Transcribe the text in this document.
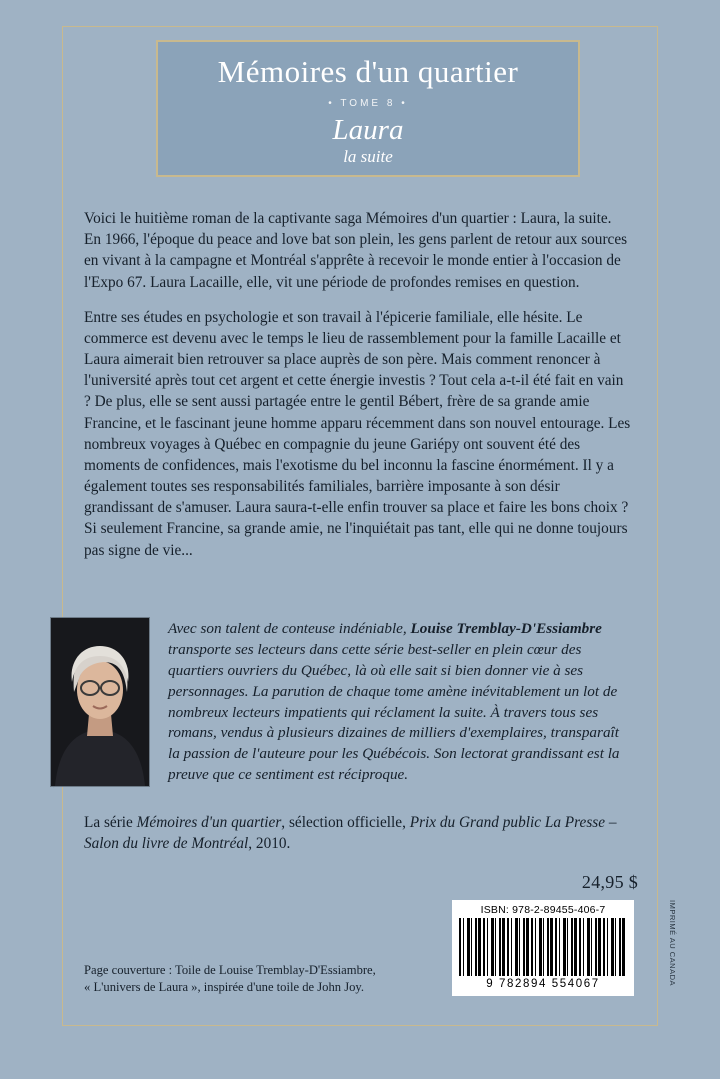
Mémoires d'un quartier
• TOME 8 •
Laura
la suite

Voici le huitième roman de la captivante saga Mémoires d'un quartier : Laura, la suite. En 1966, l'époque du peace and love bat son plein, les gens parlent de retour aux sources en vivant à la campagne et Montréal s'apprête à recevoir le monde entier à l'occasion de l'Expo 67. Laura Lacaille, elle, vit une période de profondes remises en question.

Entre ses études en psychologie et son travail à l'épicerie familiale, elle hésite. Le commerce est devenu avec le temps le lieu de rassemblement pour la famille Lacaille et Laura aimerait bien retrouver sa place auprès de son père. Mais comment renoncer à l'université après tout cet argent et cette énergie investis ? Tout cela a-t-il été fait en vain ? De plus, elle se sent aussi partagée entre le gentil Bébert, frère de sa grande amie Francine, et le fascinant jeune homme apparu récemment dans son nouvel entourage. Les nombreux voyages à Québec en compagnie du jeune Gariépy ont souvent été des moments de confidences, mais l'exotisme du bel inconnu la fascine énormément. Il y a également toutes ses responsabilités familiales, barrière imposante à son désir grandissant de s'amuser. Laura saura-t-elle enfin trouver sa place et faire les bons choix ? Si seulement Francine, sa grande amie, ne l'inquiétait pas tant, elle qui ne donne toujours pas signe de vie...

Avec son talent de conteuse indéniable, Louise Tremblay-D'Essiambre transporte ses lecteurs dans cette série best-seller en plein cœur des quartiers ouvriers du Québec, là où elle sait si bien donner vie à ses personnages. La parution de chaque tome amène inévitablement un lot de nombreux lecteurs impatients qui réclament la suite. À travers tous ses romans, vendus à plusieurs dizaines de milliers d'exemplaires, transparaît la passion de l'auteure pour les Québécois. Son lectorat grandissant est la preuve que ce sentiment est réciproque.
La série Mémoires d'un quartier, sélection officielle, Prix du Grand public La Presse – Salon du livre de Montréal, 2010.
24,95 $
ISBN: 978-2-89455-406-7
9 782894 554067	IMPRIMÉ AU CANADA
Page couverture : Toile de Louise Tremblay-D'Essiambre,
« L'univers de Laura », inspirée d'une toile de John Joy.
